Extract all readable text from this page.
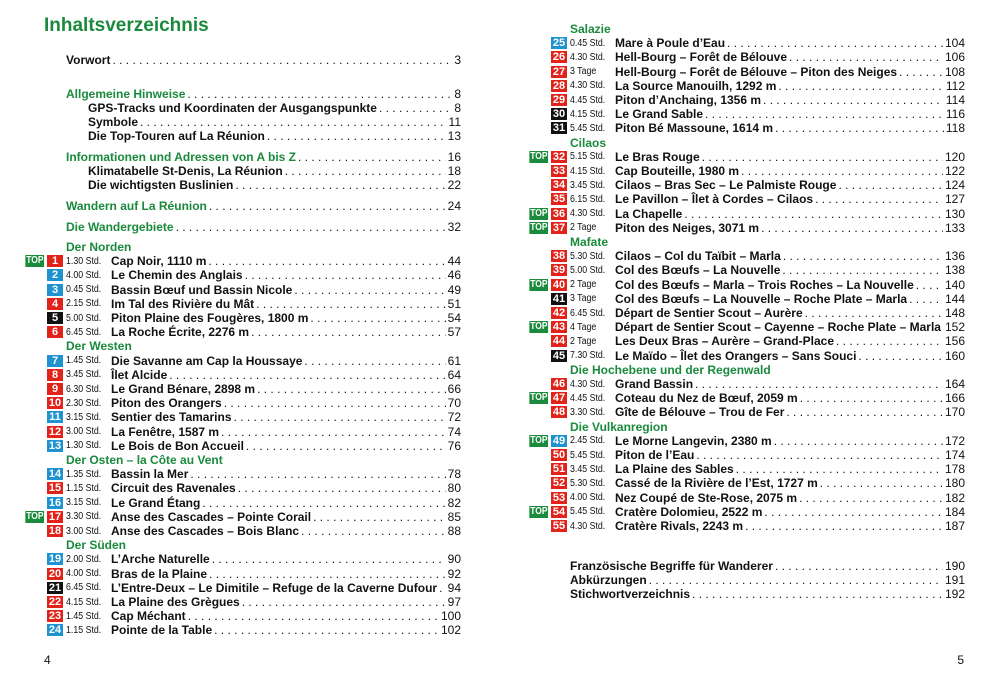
Inhaltsverzeichnis
Vorwort . . .	3
Allgemeine Hinweise . . .	8
GPS-Tracks und Koordinaten der Ausgangspunkte . . .	8
Symbole . . .	11
Die Top-Touren auf La Réunion . . .	13
Informationen und Adressen von A bis Z . . .	16
Klimatabelle St-Denis, La Réunion . . .	18
Die wichtigsten Buslinien . . .	22
Wandern auf La Réunion . . .	24
Die Wandergebiete . . .	32
Der Norden
TOP 1 1.30 Std. Cap Noir, 1110 m . . .	44
2 4.00 Std. Le Chemin des Anglais . . .	46
3 0.45 Std. Bassin Bœuf und Bassin Nicole . . .	49
4 2.15 Std. Im Tal des Rivière du Mât . . .	51
5 5.00 Std. Piton Plaine des Fougères, 1800 m . . .	54
6 6.45 Std. La Roche Écrite, 2276 m . . .	57
Der Westen
7 1.45 Std. Die Savanne am Cap la Houssaye . . .	61
8 3.45 Std. Îlet Alcide . . .	64
9 6.30 Std. Le Grand Bénare, 2898 m . . .	66
10 2.30 Std. Piton des Orangers . . .	70
11 3.15 Std. Sentier des Tamarins . . .	72
12 3.00 Std. La Fenêtre, 1587 m . . .	74
13 1.30 Std. Le Bois de Bon Accueil . . .	76
Der Osten – la Côte au Vent
14 1.35 Std. Bassin la Mer . . .	78
15 1.15 Std. Circuit des Ravenales . . .	80
16 3.15 Std. Le Grand Étang . . .	82
TOP 17 3.30 Std. Anse des Cascades – Pointe Corail . . .	85
18 3.00 Std. Anse des Cascades – Bois Blanc . . .	88
Der Süden
19 2.00 Std. L’Arche Naturelle . . .	90
20 4.00 Std. Bras de la Plaine . . .	92
21 6.45 Std. L’Entre-Deux – Le Dimitile – Refuge de la Caverne Dufour . . . 94
22 4.15 Std. La Plaine des Grègues . . .	97
23 1.45 Std. Cap Méchant . . .	100
24 1.15 Std. Pointe de la Table . . .	102
4
Salazie
25 0.45 Std. Mare à Poule d’Eau . . .	104
26 4.30 Std. Hell-Bourg – Forêt de Bélouve . . .	106
27 3 Tage	Hell-Bourg – Forêt de Bélouve – Piton des Neiges . . .	108
28 4.30 Std. La Source Manouilh, 1292 m . . .	112
29 4.45 Std. Piton d’Anchaing, 1356 m . . .	114
30 4.15 Std. Le Grand Sable . . .	116
31 5.45 Std. Piton Bé Massoune, 1614 m . . .	118
Cilaos
TOP 32 5.15 Std. Le Bras Rouge . . .	120
33 4.15 Std. Cap Bouteille, 1980 m . . .	122
34 3.45 Std. Cilaos – Bras Sec – Le Palmiste Rouge . . .	124
35 6.15 Std. Le Pavillon – Îlet à Cordes – Cilaos . . .	127
TOP 36 4.30 Std. La Chapelle . . .	130
TOP 37 2 Tage	Piton des Neiges, 3071 m . . .	133
Mafate
38 5.30 Std. Cilaos – Col du Taïbit – Marla . . .	136
39 5.00 Std. Col des Bœufs – La Nouvelle . . .	138
TOP 40 2 Tage	Col des Bœufs – Marla – Trois Roches – La Nouvelle . . .	140
41 3 Tage	Col des Bœufs – La Nouvelle – Roche Plate – Marla . . .	144
42 6.45 Std. Départ de Sentier Scout – Aurère . . .	148
TOP 43 4 Tage	Départ de Sentier Scout – Cayenne – Roche Plate – Marla 152
44 2 Tage	Les Deux Bras – Aurère – Grand-Place . . .	156
45 7.30 Std. Le Maïdo – Îlet des Orangers – Sans Souci . . .	160
Die Hochebene und der Regenwald
46 4.30 Std. Grand Bassin . . .	164
TOP 47 4.45 Std. Coteau du Nez de Bœuf, 2059 m . . .	166
48 3.30 Std. Gîte de Bélouve – Trou de Fer . . .	170
Die Vulkanregion
TOP 49 2.45 Std. Le Morne Langevin, 2380 m . . .	172
50 5.45 Std. Piton de l’Eau . . .	174
51 3.45 Std. La Plaine des Sables . . .	178
52 5.30 Std. Cassé de la Rivière de l’Est, 1727 m . . .	180
53 4.00 Std. Nez Coupé de Ste-Rose, 2075 m . . .	182
TOP 54 5.45 Std. Cratère Dolomieu, 2522 m . . .	184
55 4.30 Std. Cratère Rivals, 2243 m . . .	187
Französische Begriffe für Wanderer . . .	190
Abkürzungen . . .	191
Stichwortverzeichnis . . .	192
5
